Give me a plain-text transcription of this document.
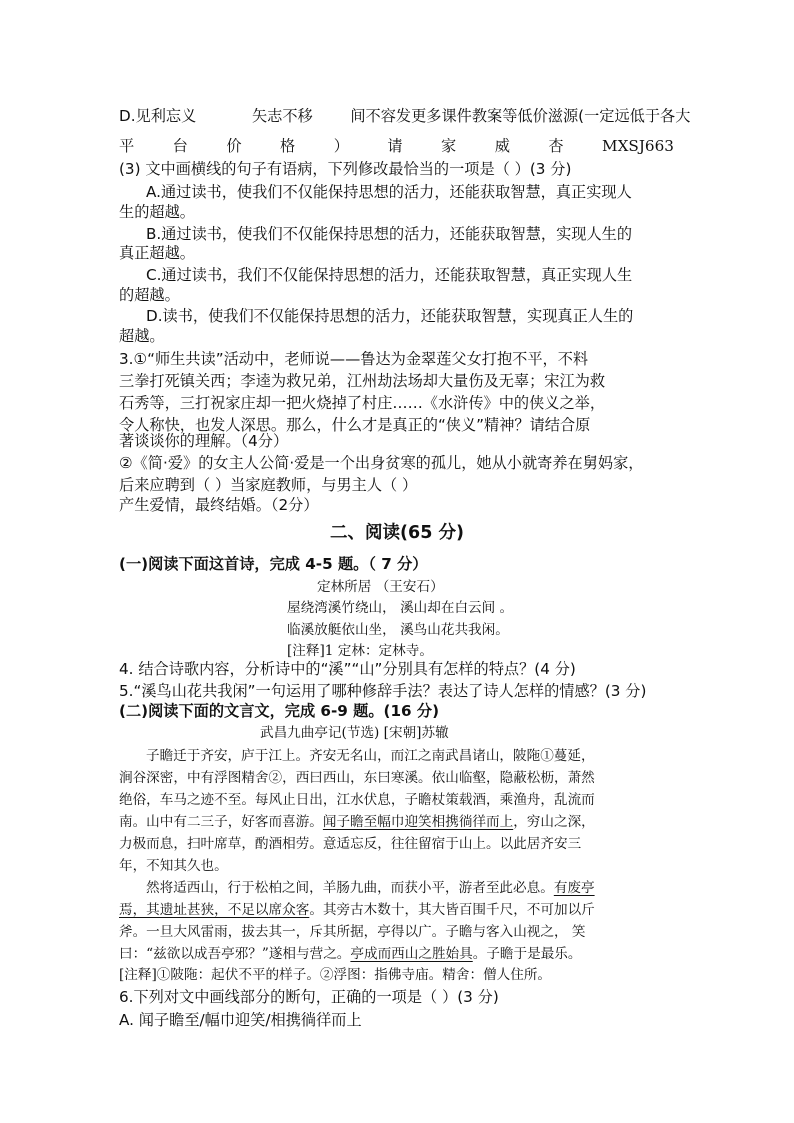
D.见利忘义	矢志不移 间不容发更多课件教案等低价滋源(一定远低于各大
平	台	价	格	）	请	家	威	杏	MXSJ663
(3) 文中画横线的句子有语病，下列修改最恰当的一项是（ ）(3 分)
A.通过读书，使我们不仅能保持思想的活力，还能获取智慧，真正实现人
生的超越。
B.通过读书，使我们不仅能保持思想的活力，还能获取智慧，实现人生的
真正超越。
C.通过读书，我们不仅能保持思想的活力，还能获取智慧，真正实现人生
的超越。
D.读书，使我们不仅能保持思想的活力，还能获取智慧，实现真正人生的
超越。
3.①“师生共读”活动中，老师说——鲁达为金翠莲父女打抱不平，不料
三拳打死镇关西；李逵为救兄弟，江州劫法场却大量伤及无辜；宋江为救
石秀等，三打祝家庄却一把火烧掉了村庄……《水浒传》中的侠义之举，
令人称快，也发人深思。那么，什么才是真正的“侠义”精神？请结合原
著谈谈你的理解。（4分）
②《简·爱》的女主人公简·爱是一个出身贫寒的孤儿，她从小就寄养在舅妈家，
后来应聘到（ ）当家庭教师，与男主人（ ）
产生爱情，最终结婚。（2分）
二、阅读(65 分)
(一)阅读下面这首诗，完成 4-5 题。（ 7 分）
定林所居 （王安石）
屋绕湾溪竹绕山， 溪山却在白云间 。
临溪放艇依山坐， 溪鸟山花共我闲。
[注释]1 定林：定林寺。
4. 结合诗歌内容，分析诗中的“溪”“山”分别具有怎样的特点？(4 分)
5.“溪鸟山花共我闲”一句运用了哪种修辞手法？表达了诗人怎样的情感？(3 分)
(二)阅读下面的文言文，完成 6-9 题。(16 分)
武昌九曲亭记(节选) [宋朝]苏辙
子瞻迁于齐安，庐于江上。齐安无名山，而江之南武昌诸山，陂陁①蔓延，
涧谷深密，中有浮图精舍②，西曰西山，东曰寒溪。依山临壑，隐蔽松枥，萧然
绝俗，车马之迹不至。每风止日出，江水伏息，子瞻杖策载酒，乘渔舟，乱流而
南。山中有二三子，好客而喜游。闻子瞻至幅巾迎笑相携徜徉而上，穷山之深，
力极而息，扫叶席草，酌酒相劳。意适忘反，往往留宿于山上。以此居齐安三
年，不知其久也。
然将适西山，行于松柏之间，羊肠九曲，而获小平，游者至此必息。有废亭
焉，其遗址甚狭，不足以席众客。其旁古木数十，其大皆百围千尺，不可加以斤
斧。一旦大风雷雨，拔去其一，斥其所据，亭得以广。子瞻与客入山视之， 笑
曰：“兹欲以成吾亭邪？”遂相与营之。亭成而西山之胜始具。子瞻于是最乐。
[注释]①陂陁：起伏不平的样子。②浮图：指佛寺庙。精舍：僧人住所。
6.下列对文中画线部分的断句，正确的一项是（ ）(3 分)
A. 闻子瞻至/幅巾迎笑/相携徜徉而上
